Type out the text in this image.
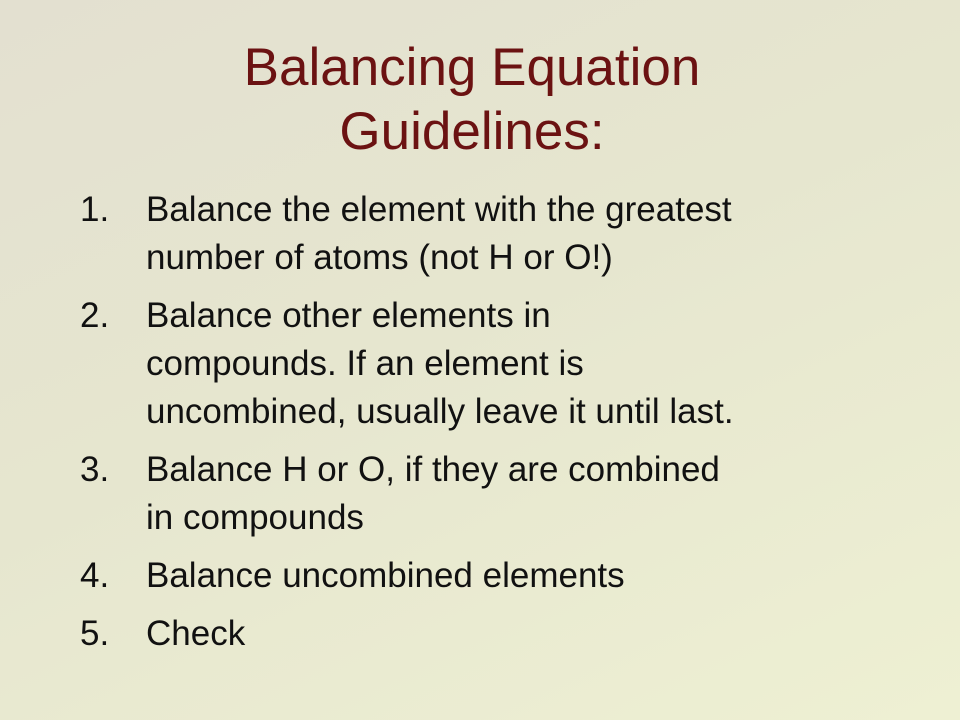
Balancing Equation
Guidelines:
1. Balance the element with the greatest
number of atoms (not H or O!)
2. Balance other elements in
compounds. If an element is
uncombined, usually leave it until last.
3. Balance H or O, if they are combined
in compounds
4. Balance uncombined elements
5. Check
